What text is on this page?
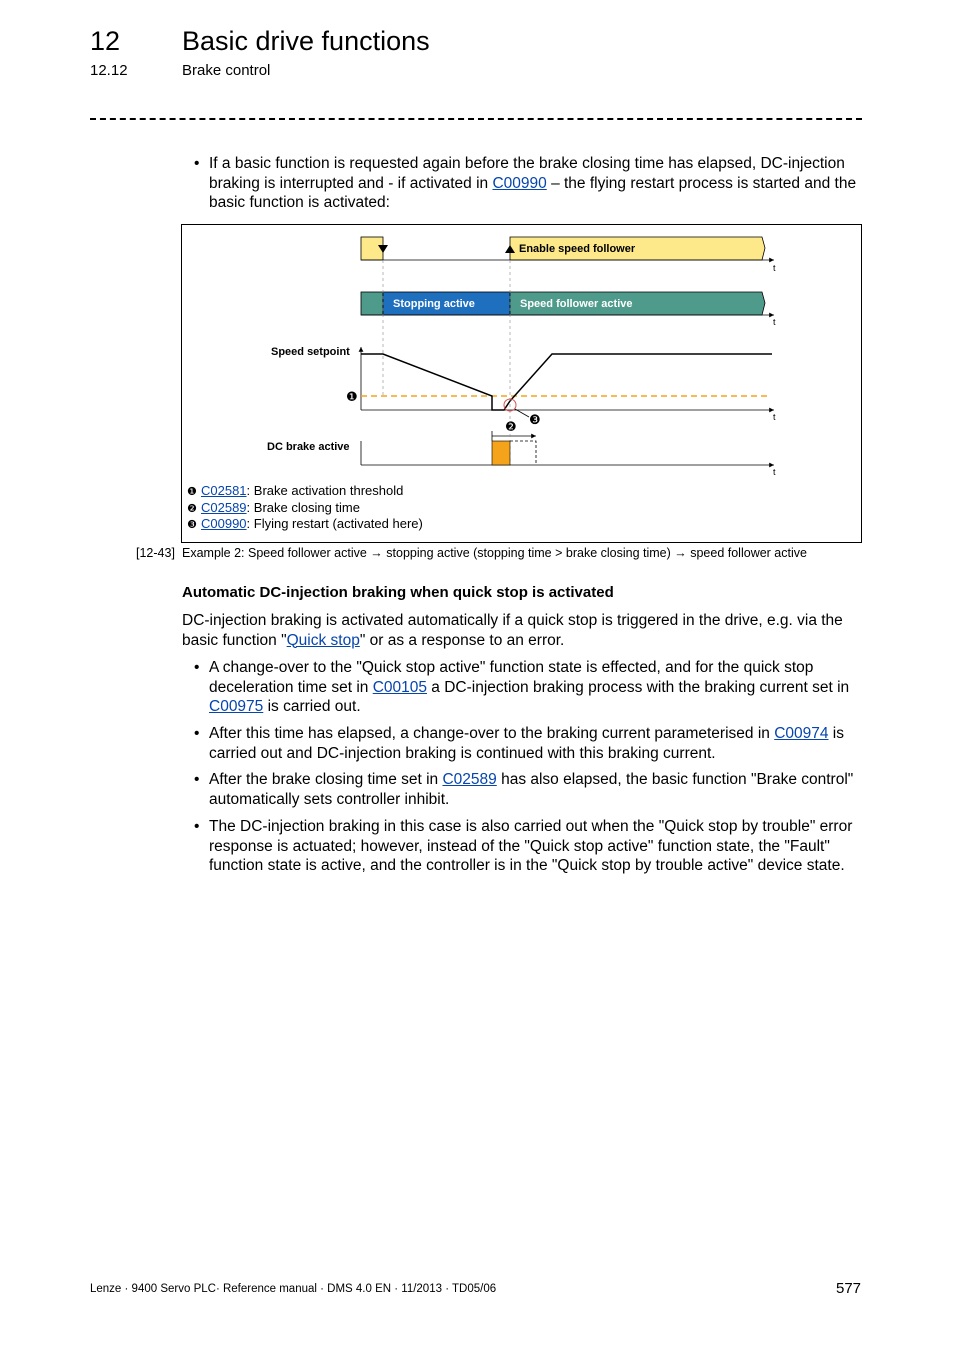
12 Basic drive functions
12.12	Brake control
• If a basic function is requested again before the brake closing time has elapsed, DC-injection
braking is interrupted and - if activated in C00990 – the flying restart process is started and the
basic function is activated:
Enable speed follower
t
Stopping active	Speed follower active
t
Speed setpoint
❶
❸
❷
t
DC brake active
t
❶ C02581: Brake activation threshold
❷ C02589: Brake closing time
❸ C00990: Flying restart (activated here)
[12-43] Example 2: Speed follower active → stopping active (stopping time > brake closing time) → speed follower active
Automatic DC-injection braking when quick stop is activated
DC-injection braking is activated automatically if a quick stop is triggered in the drive, e.g. via the
basic function "Quick stop" or as a response to an error.
• A change-over to the "Quick stop active" function state is effected, and for the quick stop
deceleration time set in C00105 a DC-injection braking process with the braking current set in
C00975 is carried out.
• After this time has elapsed, a change-over to the braking current parameterised in C00974 is
carried out and DC-injection braking is continued with this braking current.
• After the brake closing time set in C02589 has also elapsed, the basic function "Brake control"
automatically sets controller inhibit.
• The DC-injection braking in this case is also carried out when the "Quick stop by trouble" error
response is actuated; however, instead of the "Quick stop active" function state, the "Fault"
function state is active, and the controller is in the "Quick stop by trouble active" device state.
Lenze · 9400 Servo PLC· Reference manual · DMS 4.0 EN · 11/2013 · TD05/06	577
